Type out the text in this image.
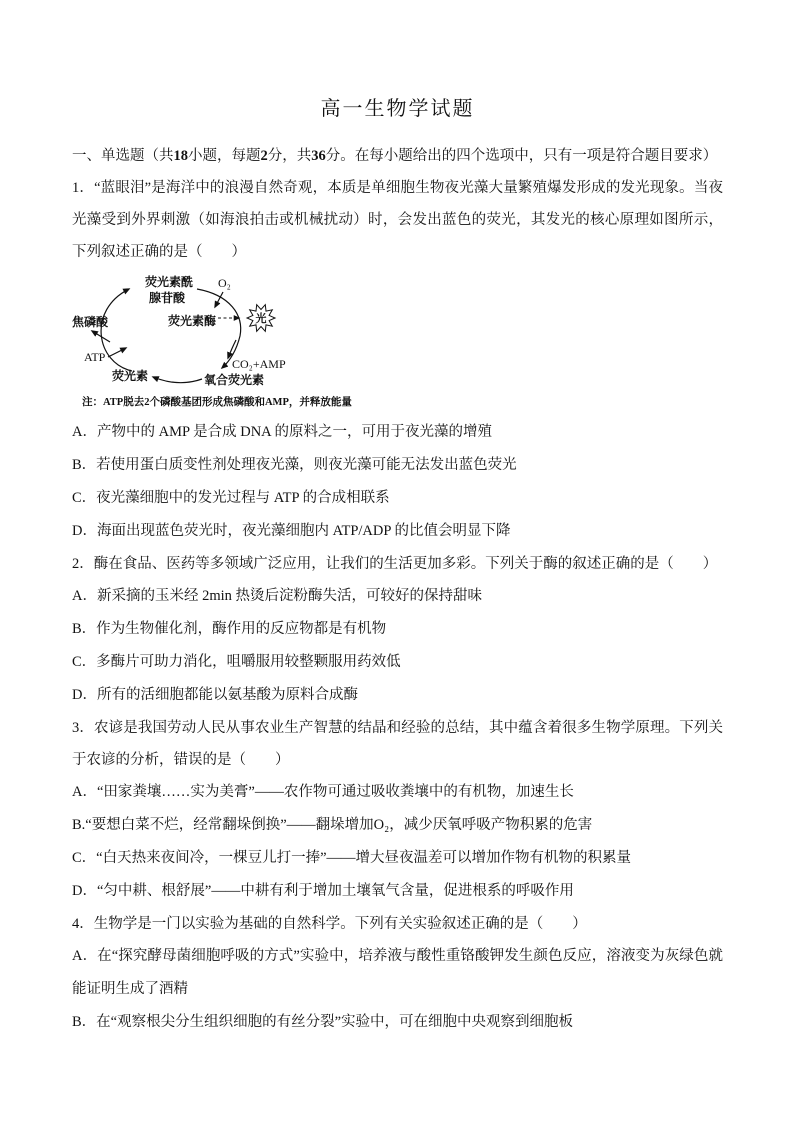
高一生物学试题

一、单选题（共18小题，每题2分，共36分。在每小题给出的四个选项中，只有一项是符合题目要求）

1．“蓝眼泪”是海洋中的浪漫自然奇观，本质是单细胞生物夜光藻大量繁殖爆发形成的发光现象。当夜光藻受到外界刺激（如海浪拍击或机械扰动）时，会发出蓝色的荧光，其发光的核心原理如图所示，下列叙述正确的是（　　）

荧光素酰
腺苷酸
O₂
荧光素酶	光
CO₂+AMP
氧合荧光素
荧光素
ATP
焦磷酸
注：ATP脱去2个磷酸基团形成焦磷酸和AMP，并释放能量

A．产物中的 AMP 是合成 DNA 的原料之一，可用于夜光藻的增殖

B．若使用蛋白质变性剂处理夜光藻，则夜光藻可能无法发出蓝色荧光

C．夜光藻细胞中的发光过程与 ATP 的合成相联系

D．海面出现蓝色荧光时，夜光藻细胞内 ATP/ADP 的比值会明显下降

2．酶在食品、医药等多领域广泛应用，让我们的生活更加多彩。下列关于酶的叙述正确的是（　　）

A．新采摘的玉米经 2min 热烫后淀粉酶失活，可较好的保持甜味

B．作为生物催化剂，酶作用的反应物都是有机物

C．多酶片可助力消化，咀嚼服用较整颗服用药效低

D．所有的活细胞都能以氨基酸为原料合成酶

3．农谚是我国劳动人民从事农业生产智慧的结晶和经验的总结，其中蕴含着很多生物学原理。下列关于农谚的分析，错误的是（　　）

A．“田家粪壤……实为美膏”——农作物可通过吸收粪壤中的有机物，加速生长

B.“要想白菜不烂，经常翻垛倒换”——翻垛增加O₂，减少厌氧呼吸产物积累的危害

C．“白天热来夜间冷，一棵豆儿打一捧”——增大昼夜温差可以增加作物有机物的积累量

D．“匀中耕、根舒展”——中耕有利于增加土壤氧气含量，促进根系的呼吸作用

4．生物学是一门以实验为基础的自然科学。下列有关实验叙述正确的是（　　）

A．在“探究酵母菌细胞呼吸的方式”实验中，培养液与酸性重铬酸钾发生颜色反应，溶液变为灰绿色就能证明生成了酒精

B．在“观察根尖分生组织细胞的有丝分裂”实验中，可在细胞中央观察到细胞板
